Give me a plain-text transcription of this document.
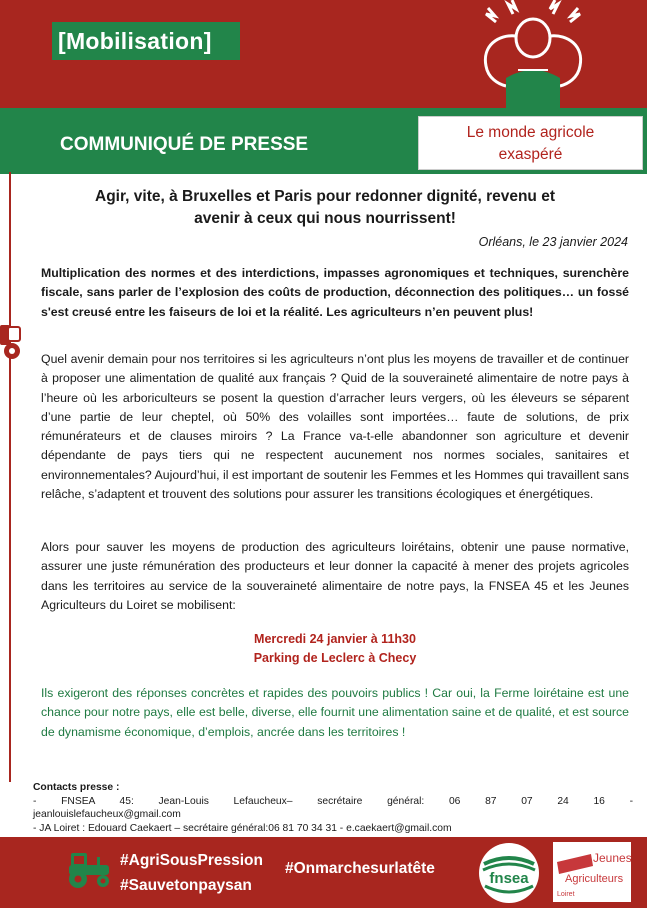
[Mobilisation]
COMMUNIQUÉ DE PRESSE
Le monde agricole
exaspéré
Agir, vite, à Bruxelles et Paris pour redonner dignité, revenu et
avenir à ceux qui nous nourrissent!
Orléans, le 23 janvier 2024
Multiplication des normes et des interdictions, impasses agronomiques et techniques, surenchère fiscale, sans parler de l’explosion des coûts de production, déconnection des politiques… un fossé s'est creusé entre les faiseurs de loi et la réalité. Les agriculteurs n’en peuvent plus!
Quel avenir demain pour nos territoires si les agriculteurs n’ont plus les moyens de travailler et de continuer à proposer une alimentation de qualité aux français ? Quid de la souveraineté alimentaire de notre pays à l’heure où les arboriculteurs se posent la question d’arracher leurs vergers, où les éleveurs se séparent d’une partie de leur cheptel, où 50% des volailles sont importées… faute de solutions, de prix rémunérateurs et de clauses miroirs ? La France va-t-elle abandonner son agriculture et devenir dépendante de pays tiers qui ne respectent aucunement nos normes sociales, sanitaires et environnementales? Aujourd’hui, il est important de soutenir les Femmes et les Hommes qui travaillent sans relâche, s’adaptent et trouvent des solutions pour assurer les transitions écologiques et énergétiques.
Alors pour sauver les moyens de production des agriculteurs loirétains, obtenir une pause normative, assurer une juste rémunération des producteurs et leur donner la capacité à mener des projets agricoles dans les territoires au service de la souveraineté alimentaire de notre pays, la FNSEA 45 et les Jeunes Agriculteurs du Loiret se mobilisent:
Mercredi 24 janvier à 11h30
Parking de Leclerc à Checy
Ils exigeront des réponses concrètes et rapides des pouvoirs publics ! Car oui, la Ferme loirétaine est une chance pour notre pays, elle est belle, diverse, elle fournit une alimentation saine et de qualité, et est source de dynamisme économique, d’emplois, ancrée dans les territoires !
Contacts presse :
- FNSEA 45: Jean-Louis Lefaucheux– secrétaire général: 06 87 07 24 16 -
jeanlouislefaucheux@gmail.com
- JA Loiret : Edouard Caekaert – secrétaire général:06 81 70 34 31 - e.caekaert@gmail.com
#AgriSousPression
#Sauvetonpaysan
#Onmarchesurlatête
fnsea
Jeunes
Agriculteurs
Loiret
